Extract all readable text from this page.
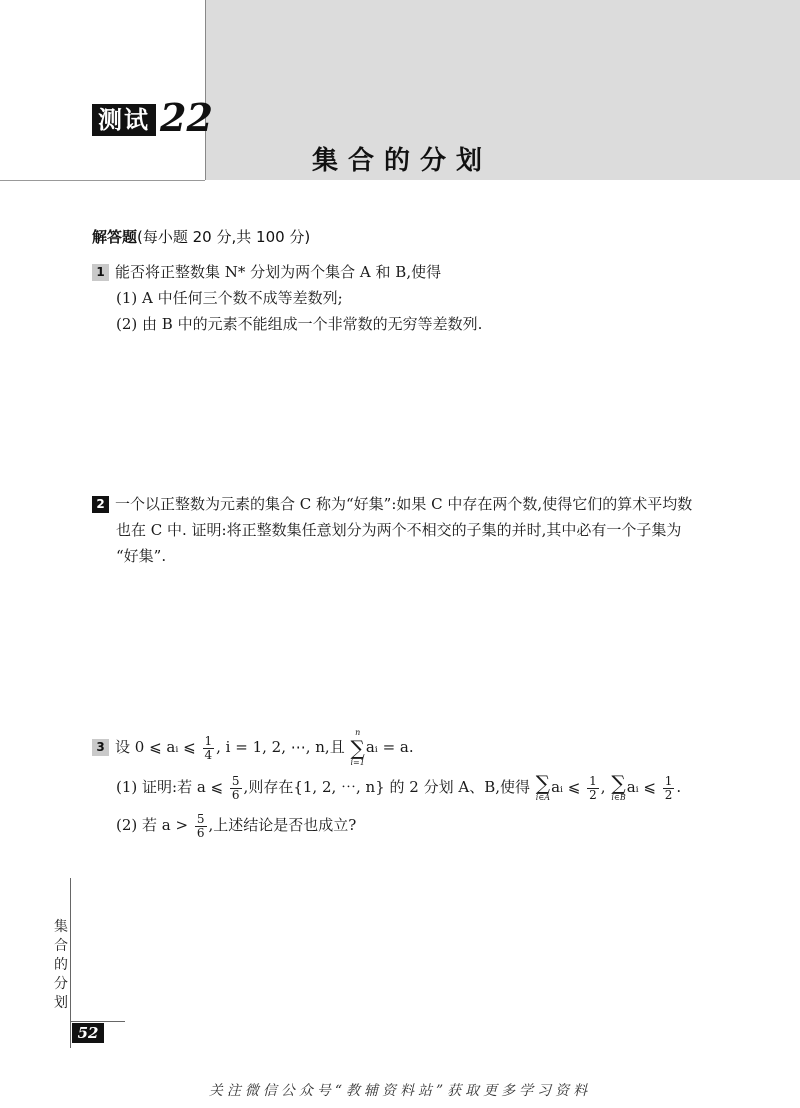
测试 22
集合的分划
解答题(每小题 20 分,共 100 分)
1 能否将正整数集 N* 分划为两个集合 A 和 B,使得
(1) A 中任何三个数不成等差数列;
(2) 由 B 中的元素不能组成一个非常数的无穷等差数列.
2 一个以正整数为元素的集合 C 称为“好集”:如果 C 中存在两个数,使得它们的算术平均数
也在 C 中. 证明:将正整数集任意划分为两个不相交的子集的并时,其中必有一个子集为
“好集”.
3 设 0 ⩽ aᵢ ⩽ $\frac{1}{4}$ , i = 1, 2, ⋯, n,且
n
∑
i=1
aᵢ = a.
(1) 证明:若 a ⩽ $\frac{5}{6}$ ,则存在{1, 2, ⋯, n} 的 2 分划 A、B,使得 ∑
i∈A
aᵢ ⩽ $\frac{1}{2}$ , ∑
i∈B
aᵢ ⩽ $\frac{1}{2}$ .
(2) 若 $a > \frac{5}{6}$ ,上述结论是否也成立?
集
合
的
分
划
52
关注微信公众号“教辅资料站”获取更多学习资料
